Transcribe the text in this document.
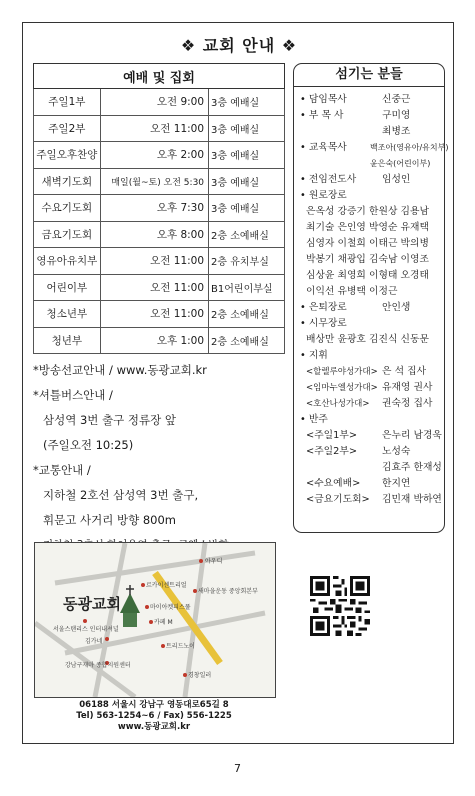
❖ 교회 안내 ❖
예배 및 집회		
주일1부	오전 9:00	3층 예배실
주일2부	오전 11:00	3층 예배실
주일오후찬양	오후 2:00	3층 예배실
새벽기도회	매일(월~토) 오전 5:30	3층 예배실
수요기도회	오후 7:30	3층 예배실
금요기도회	오후 8:00	2층 소예배실
영유아유치부	오전 11:00	2층 유치부실
어린이부	오전 11:00	B1어린이부실
청소년부	오전 11:00	2층 소예배실
청년부	오후 1:00	2층 소예배실
섬기는 분들
• 담임목사	신중근
• 부 목 사	구미영
최병조
• 교육목사	백조아(영유아/유치부)
윤은숙(어린이부)
• 전임전도사	임성인
• 원로장로
은옥성 강증기 한원상 김용남
최기술 은인영 박영순 유재택
심영자 이철희 이태근 박의병
박봉기 채광입 김숙남 이영조
심상윤 최영희 이형태 오경태
이익선 유병택 이정근
• 은퇴장로	안인생
• 시무장로
배상만 윤광호 김진식 신동문
• 지휘
<할렐루야성가대> 은 석 집사
<임마누엘성가대> 유재영 권사
<호산나성가대>	권숙정 집사
• 반주
<주일1부>	은누리 남경욱
<주일2부>	노성숙
김효주 한재성
<수요예배>	한지연
<금요기도회>	김민재 박하연
*방송선교안내 / www.동광교회.kr
*셔틀버스안내 /
삼성역 3번 출구 정류장 앞
(주일오전 10:25)
*교통안내 /
지하철 2호선 삼성역 3번 출구,
휘문고 사거리 방향 800m
동광교회
아우디
르카이센트리얼
새마을운동 중앙회본부
마이아켓피스풀
카페 M
서울스탠리스 인터내셔널
김가네
트리드노이
강남구재마 종합지원센터
경창일러
06188 서울시 강남구 영동대로65길 8
Tel) 563-1254~6 / Fax) 556-1225
www.동광교회.kr
7
